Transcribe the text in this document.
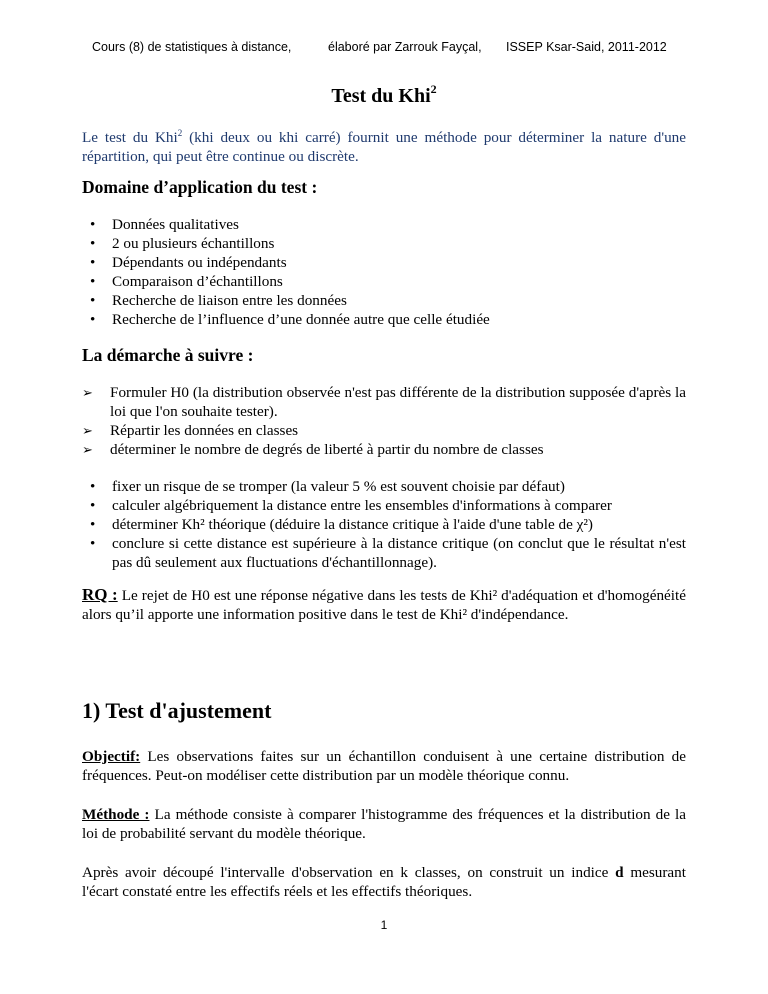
Cours (8) de statistiques à distance,	élaboré par Zarrouk Fayçal, ISSEP Ksar-Said, 2011-2012
Test du Khi$^2$

Le test du Khi$^2$ (khi deux ou khi carré) fournit une méthode pour déterminer la nature d'une répartition, qui peut être continue ou discrète.

Domaine d’application du test :
• Données qualitatives
• 2 ou plusieurs échantillons
• Dépendants ou indépendants
• Comparaison d’échantillons
• Recherche de liaison entre les données
• Recherche de l’influence d’une donnée autre que celle étudiée
La démarche à suivre :
➢ Formuler H0 (la distribution observée n'est pas différente de la distribution supposée d'après la loi que l'on souhaite tester).
➢ Répartir les données en classes
➢ déterminer le nombre de degrés de liberté à partir du nombre de classes
• fixer un risque de se tromper (la valeur 5 % est souvent choisie par défaut)
• calculer algébriquement la distance entre les ensembles d'informations à comparer
• déterminer Kh² théorique (déduire la distance critique à l'aide d'une table de χ²)
• conclure si cette distance est supérieure à la distance critique (on conclut que le résultat n'est pas dû seulement aux fluctuations d'échantillonnage).

RQ : Le rejet de H0 est une réponse négative dans les tests de Khi² d'adéquation et d'homogénéité alors qu’il apporte une information positive dans le test de Khi² d'indépendance.

1) Test d'ajustement

Objectif: Les observations faites sur un échantillon conduisent à une certaine distribution de fréquences. Peut-on modéliser cette distribution par un modèle théorique connu.

Méthode : La méthode consiste à comparer l'histogramme des fréquences et la distribution de la loi de probabilité servant du modèle théorique.

Après avoir découpé l'intervalle d'observation en k classes, on construit un indice d mesurant l'écart constaté entre les effectifs réels et les effectifs théoriques.

1
